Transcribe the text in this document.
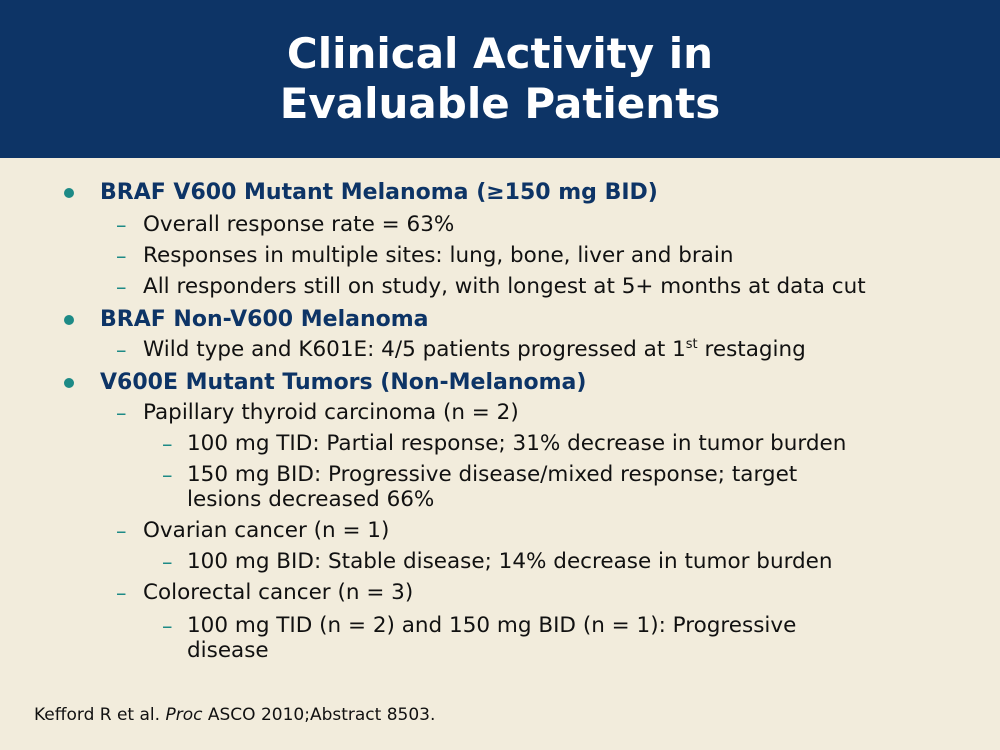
Clinical Activity in
Evaluable Patients
BRAF V600 Mutant Melanoma (≥150 mg BID)
– Overall response rate = 63%
– Responses in multiple sites: lung, bone, liver and brain
– All responders still on study, with longest at 5+ months at data cut
BRAF Non-V600 Melanoma
– Wild type and K601E: 4/5 patients progressed at 1st restaging
V600E Mutant Tumors (Non-Melanoma)
– Papillary thyroid carcinoma (n = 2)
– 100 mg TID: Partial response; 31% decrease in tumor burden
– 150 mg BID: Progressive disease/mixed response; target
lesions decreased 66%
– Ovarian cancer (n = 1)
– 100 mg BID: Stable disease; 14% decrease in tumor burden
– Colorectal cancer (n = 3)
– 100 mg TID (n = 2) and 150 mg BID (n = 1): Progressive
disease
Kefford R et al. Proc ASCO 2010;Abstract 8503.
